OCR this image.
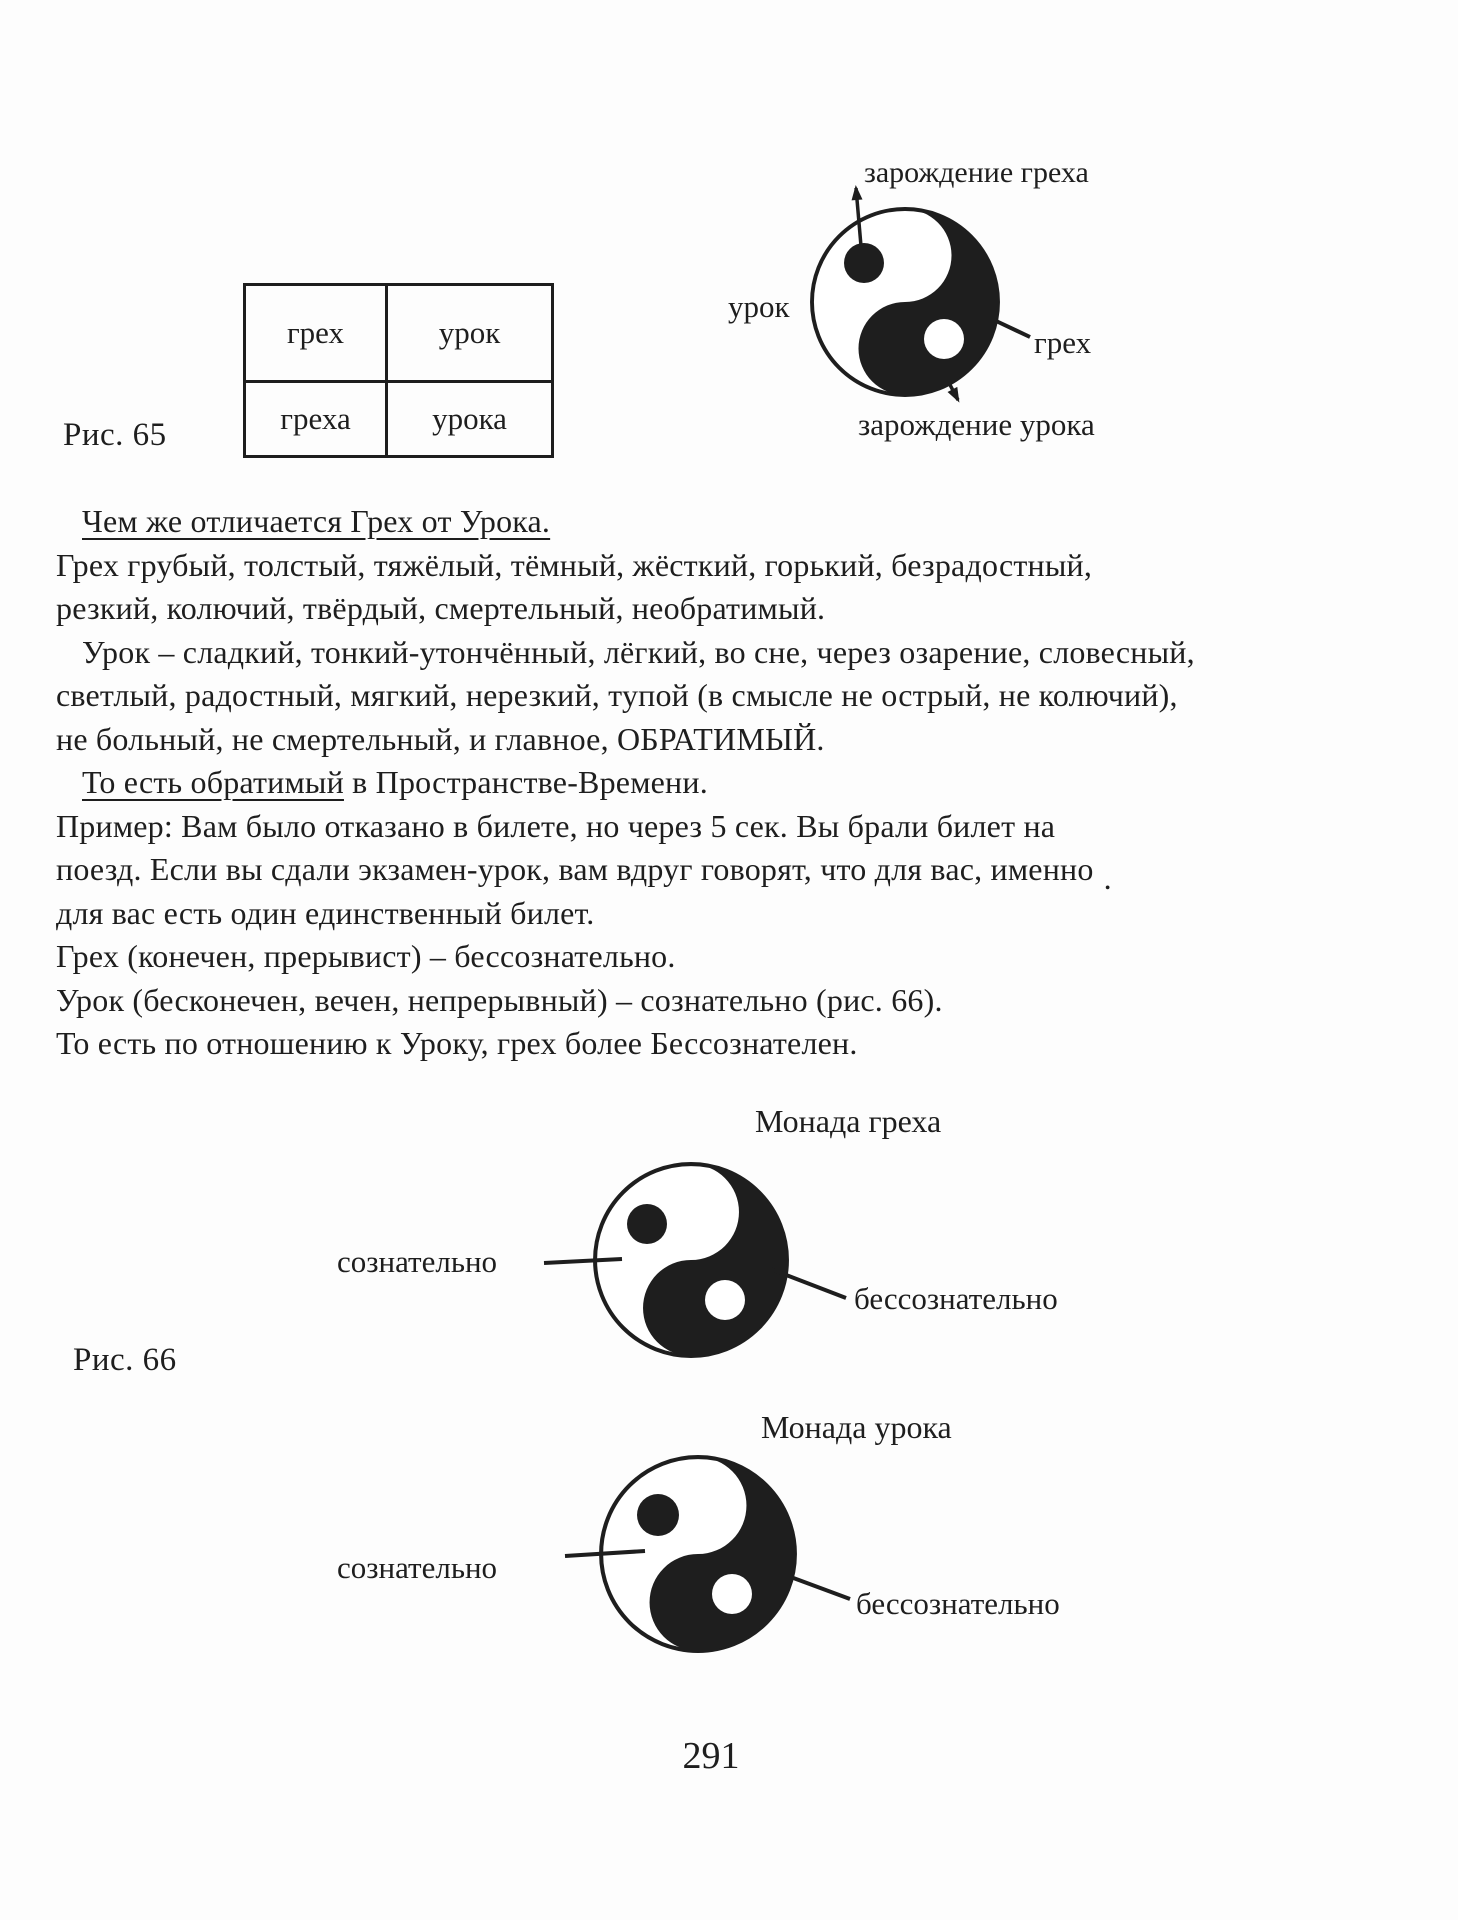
зарождение греха
урок
грех
зарождение урока
грех	урок
греха	урока
Рис. 65
Чем же отличается Грех от Урока.
Грех грубый, толстый, тяжёлый, тёмный, жёсткий, горький, безрадостный,
резкий, колючий, твёрдый, смертельный, необратимый.
Урок – сладкий, тонкий-утончённый, лёгкий, во сне, через озарение, словесный,
светлый, радостный, мягкий, нерезкий, тупой (в смысле не острый, не колючий),
не больный, не смертельный, и главное, ОБРАТИМЫЙ.
То есть обратимый в Пространстве-Времени.
Пример: Вам было отказано в билете, но через 5 сек. Вы брали билет на
поезд. Если вы сдали экзамен-урок, вам вдруг говорят, что для вас, именно .
для вас есть один единственный билет.
Грех (конечен, прерывист) – бессознательно.
Урок (бесконечен, вечен, непрерывный) – сознательно (рис. 66).
То есть по отношению к Уроку, грех более Бессознателен.
Монада греха
сознательно
бессознательно
Рис. 66
Монада урока
сознательно
бессознательно
291
